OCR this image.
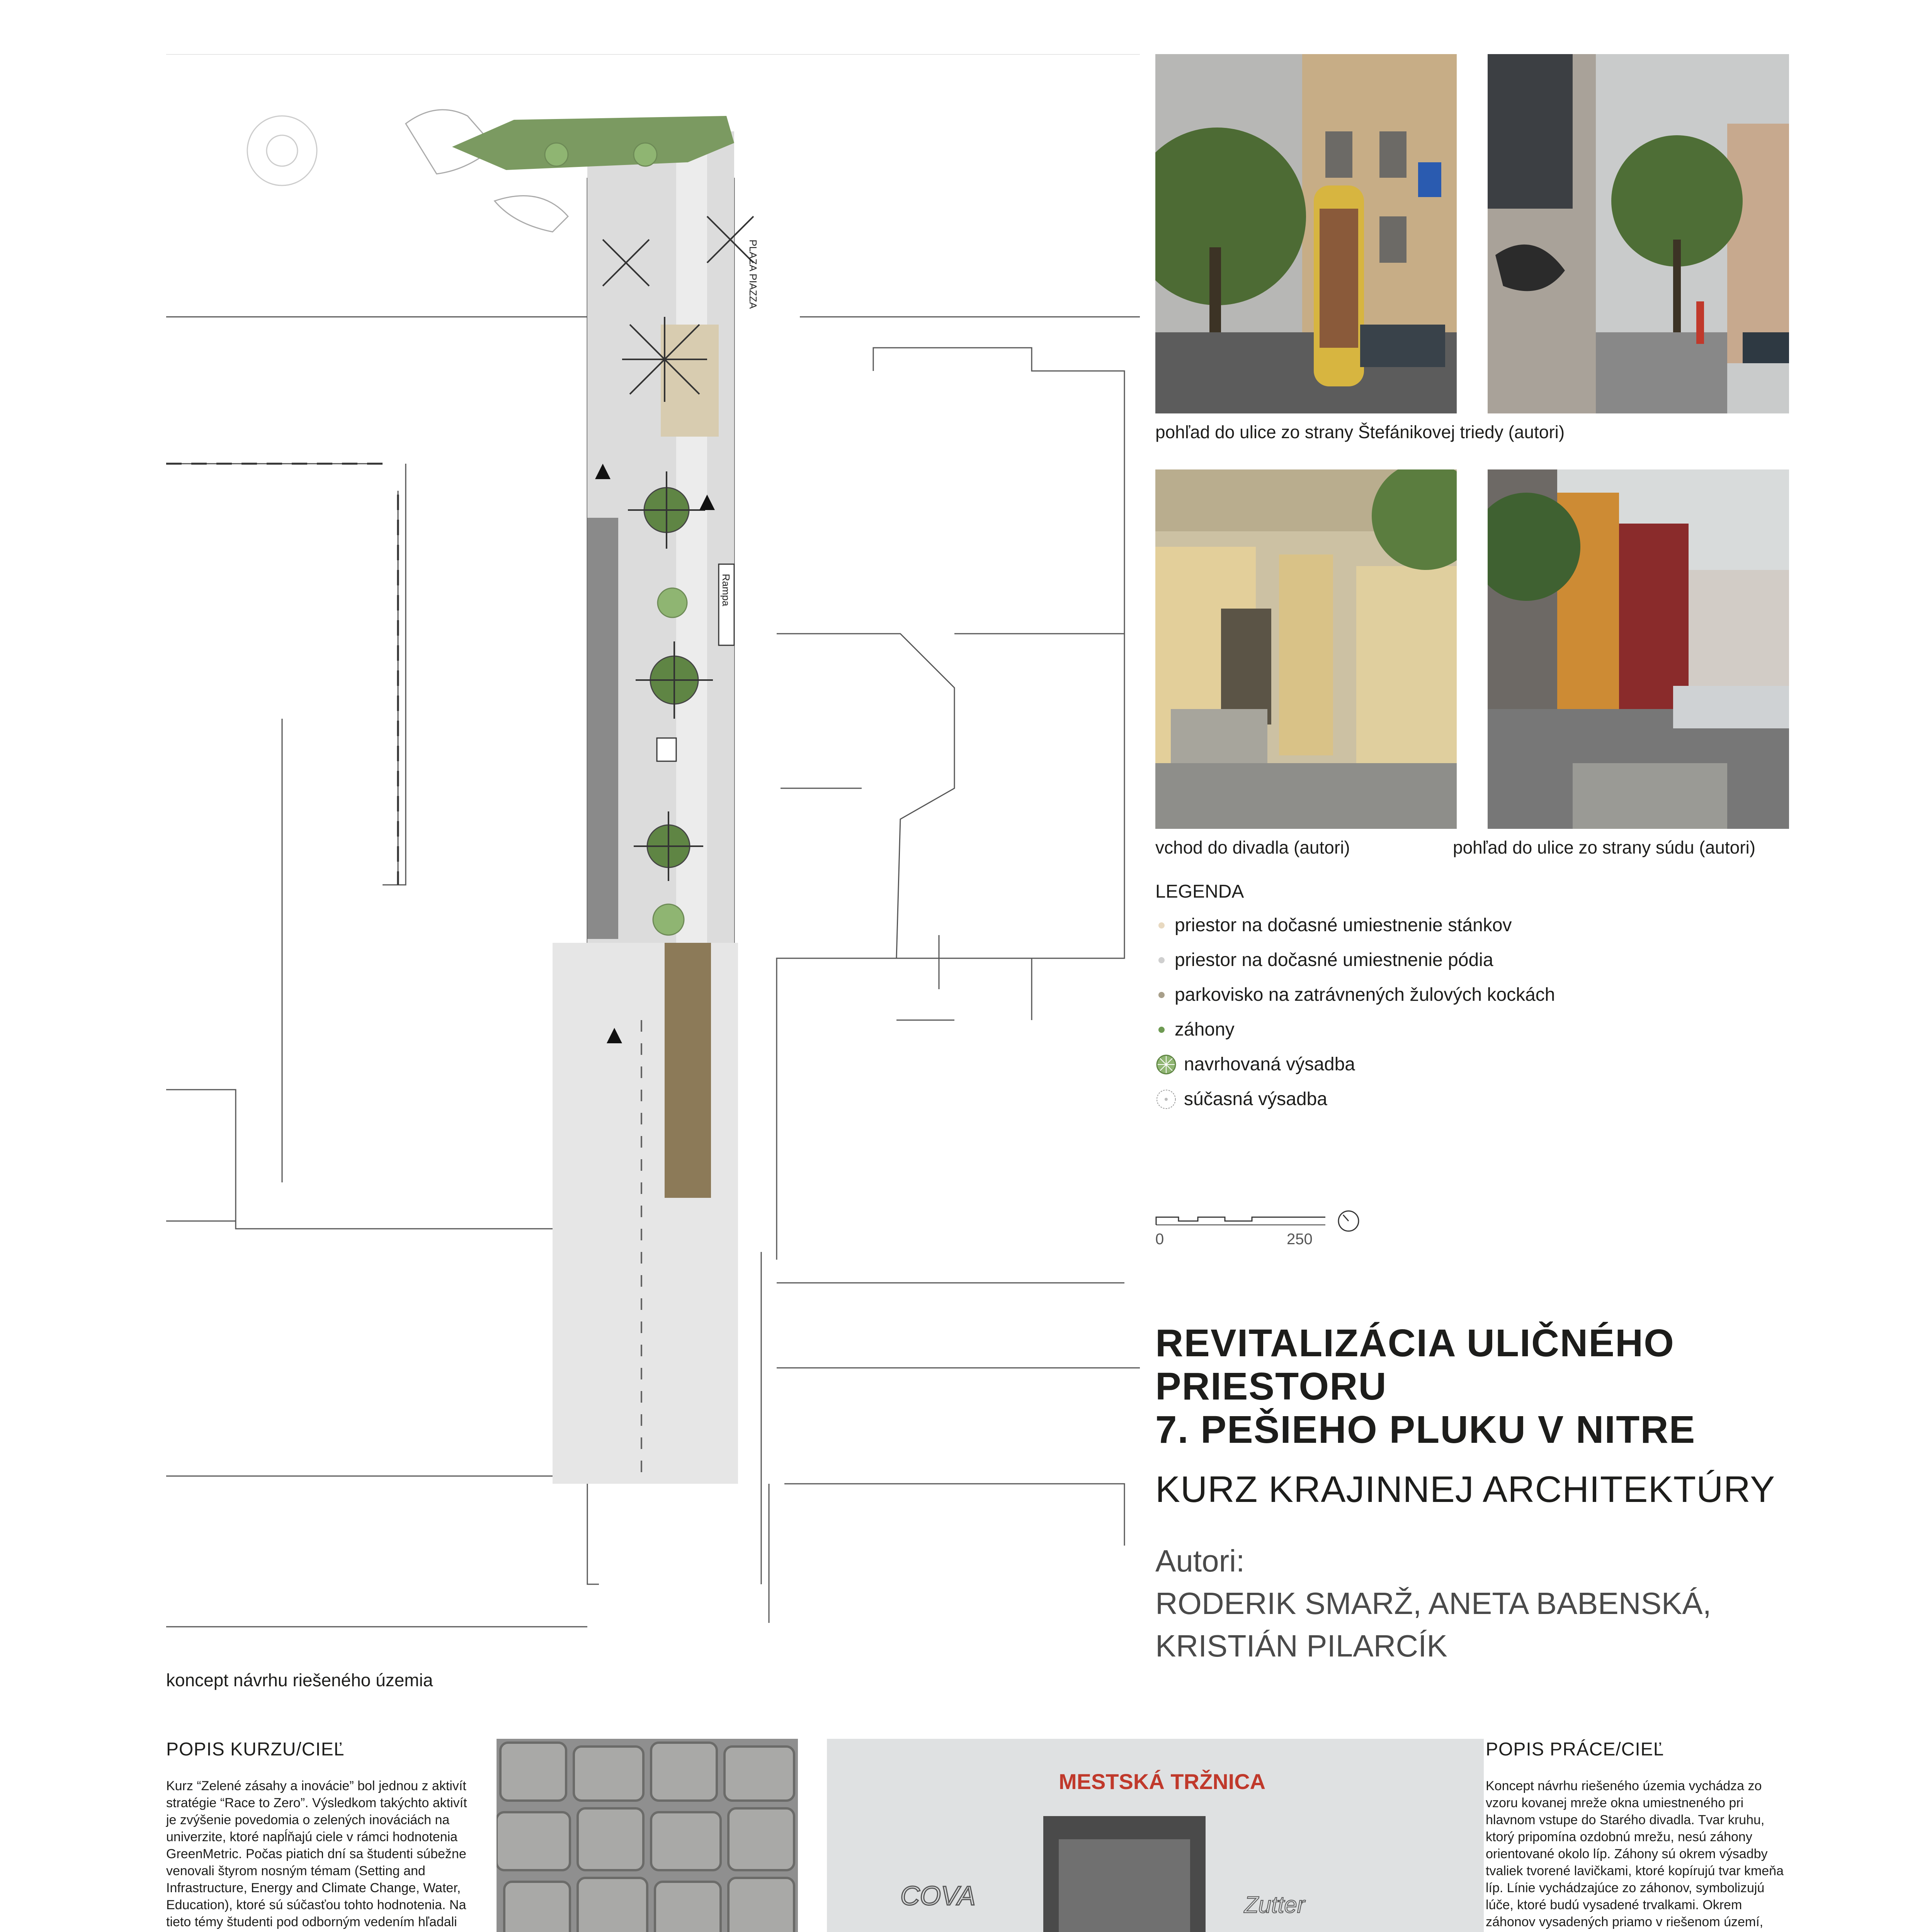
PLAZA PIAZZA
Rampa
koncept návrhu riešeného územia
pohľad do ulice zo strany Štefánikovej triedy (autori)
vchod do divadla (autori)	pohľad do ulice zo strany súdu (autori)
LEGENDA
priestor na dočasné umiestnenie stánkov
priestor na dočasné umiestnenie pódia
parkovisko na zatrávnených žulových kockách
záhony
navrhovaná výsadba
súčasná výsadba
0	250
REVITALIZÁCIA ULIČNÉHO
PRIESTORU
7. PEŠIEHO PLUKU V NITRE
KURZ KRAJINNEJ ARCHITEKTÚRY
Autori:
RODERIK SMARŽ, ANETA BABENSKÁ,
KRISTIÁN PILARCÍK
POPIS KURZU/CIEĽ

Kurz “Zelené zásahy a inovácie” bol jednou z aktivít stratégie “Race to Zero”. Výsledkom takýchto aktivít je zvýšenie povedomia o zelených inováciách na univerzite, ktoré napĺňajú ciele v rámci hodnotenia GreenMetric. Počas piatich dní sa študenti súbežne venovali štyrom nosným témam (Setting and Infrastructure, Energy and Climate Change, Water, Education), ktoré sú súčasťou tohto hodnotenia. Na tieto témy študenti pod odborným vedením hľadali

MESTSKÁ TRŽNICA
COVA	Zutter
POPIS PRÁCE/CIEĽ
Koncept návrhu riešeného územia vychádza zo vzoru kovanej mreže okna umiestneného pri hlavnom vstupe do Starého divadla. Tvar kruhu, ktorý pripomína ozdobnú mrežu, nesú záhony orientované okolo líp. Záhony sú okrem výsadby tvaliek tvorené lavičkami, ktoré kopírujú tvar kmeňa líp. Línie vychádzajúce zo záhonov, symbolizujú lúče, ktoré budú vysadené trvalkami. Okrem záhonov vysadených priamo v riešenom území,
